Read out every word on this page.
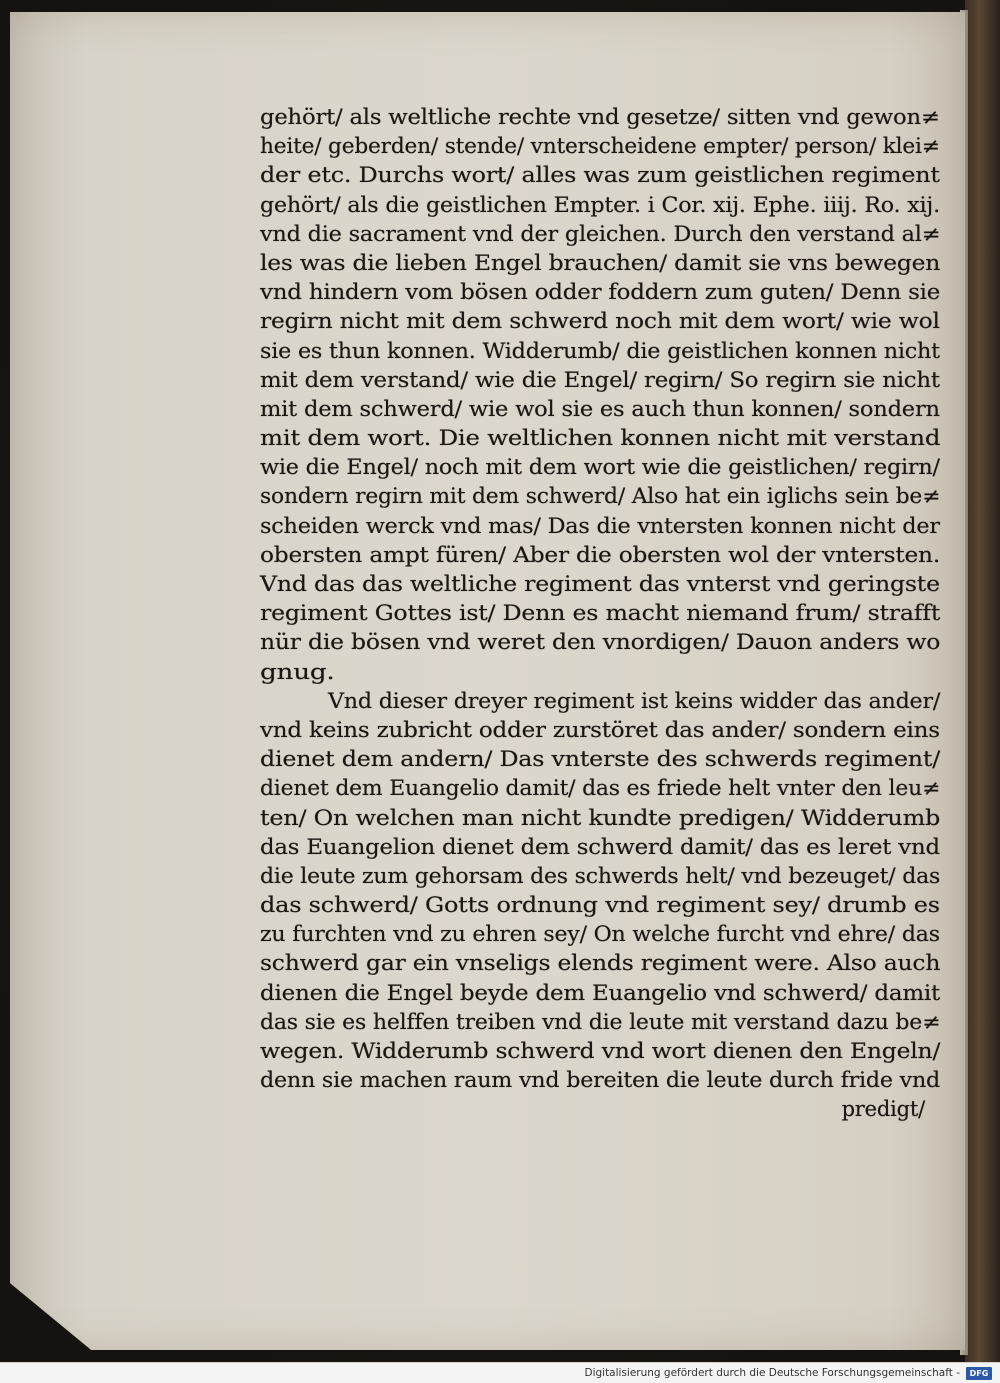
gehört/ als weltliche rechte vnd gesetze/ sitten vnd gewon≠
heite/ geberden/ stende/ vnterscheidene empter/ person/ klei≠
der etc. Durchs wort/ alles was zum geistlichen regiment
gehört/ als die geistlichen Empter. i Cor. xij. Ephe. iiij. Ro. xij.
vnd die sacrament vnd der gleichen. Durch den verstand al≠
les was die lieben Engel brauchen/ damit sie vns bewegen
vnd hindern vom bösen odder foddern zum guten/ Denn sie
regirn nicht mit dem schwerd noch mit dem wort/ wie wol
sie es thun konnen. Widderumb/ die geistlichen konnen nicht
mit dem verstand/ wie die Engel/ regirn/ So regirn sie nicht
mit dem schwerd/ wie wol sie es auch thun konnen/ sondern
mit dem wort. Die weltlichen konnen nicht mit verstand
wie die Engel/ noch mit dem wort wie die geistlichen/ regirn/
sondern regirn mit dem schwerd/ Also hat ein iglichs sein be≠
scheiden werck vnd mas/ Das die vntersten konnen nicht der
obersten ampt füren/ Aber die obersten wol der vntersten.
Vnd das das weltliche regiment das vnterst vnd geringste
regiment Gottes ist/ Denn es macht niemand frum/ strafft
nür die bösen vnd weret den vnordigen/ Dauon anders wo
gnug.
Vnd dieser dreyer regiment ist keins widder das ander/
vnd keins zubricht odder zurstöret das ander/ sondern eins
dienet dem andern/ Das vnterste des schwerds regiment/
dienet dem Euangelio damit/ das es friede helt vnter den leu≠
ten/ On welchen man nicht kundte predigen/ Widderumb
das Euangelion dienet dem schwerd damit/ das es leret vnd
die leute zum gehorsam des schwerds helt/ vnd bezeuget/ das
das schwerd/ Gotts ordnung vnd regiment sey/ drumb es
zu furchten vnd zu ehren sey/ On welche furcht vnd ehre/ das
schwerd gar ein vnseligs elends regiment were. Also auch
dienen die Engel beyde dem Euangelio vnd schwerd/ damit
das sie es helffen treiben vnd die leute mit verstand dazu be≠
wegen. Widderumb schwerd vnd wort dienen den Engeln/
denn sie machen raum vnd bereiten die leute durch fride vnd
predigt/
Digitalisierung gefördert durch die Deutsche Forschungsgemeinschaft -	DFG
